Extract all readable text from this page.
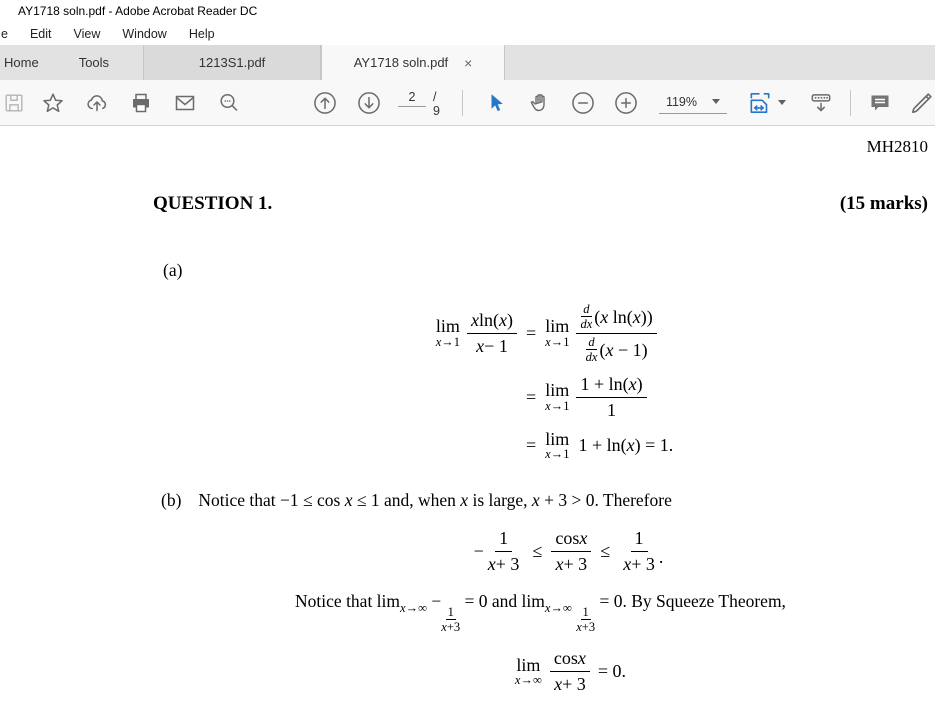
AY1718 soln.pdf - Adobe Acrobat Reader DC
e	Edit	View	Window	Help
Home	Tools	1213S1.pdf	AY1718 soln.pdf ×
2
/ 9
119%
MH2810
QUESTION 1.	(15 marks)
(a)
lim
$x\to 1 \frac{\text{x ln( x )}}{x - 1} = \lim$
$x\to 1 \frac{\frac{d}{dx} (x \ln(x))}{\frac{d}{dx} (x - 1)}$
= lim
$x\to 1 \frac{1 + \ln( x )}{1}$
= lim
x→1 1 + ln(x) = 1.
(b) Notice that −1 ≤ cos x ≤ 1 and, when x is large, x + 3 > 0. Therefore
− $\frac{1}{x + 3} \le \frac{\text{cos x}}{x + 3} \le \frac{1}{x + 3}$ .
Notice that $\lim_{x\to\infty}$ −
$\frac{1}{x+3}$
= 0 and $\lim_{x\to\infty} \frac{1}{x+3}$
= 0. By Squeeze Theorem,
lim
$x\to\infty \frac{\text{cos x}}{x + 3} = 0$.
